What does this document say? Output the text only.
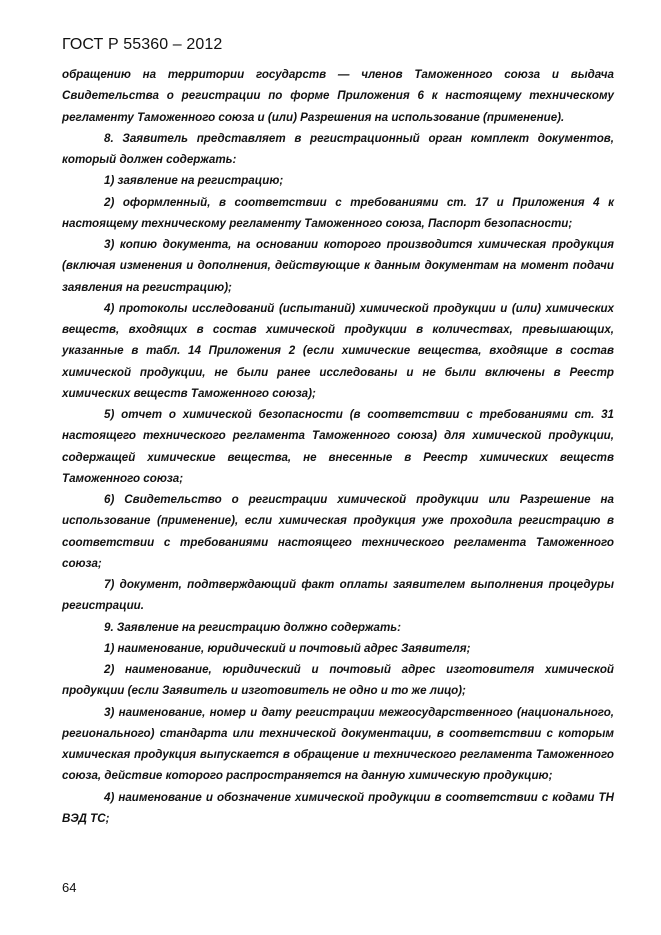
ГОСТ Р 55360 – 2012

обращению на территории государств — членов Таможенного союза и выдача Свидетельства о регистрации по форме Приложения 6 к настоящему техническому регламенту Таможенного союза и (или) Разрешения на использование (применение).

8. Заявитель представляет в регистрационный орган комплект документов, который должен содержать:

1) заявление на регистрацию;

2) оформленный, в соответствии с требованиями ст. 17 и Приложения 4 к настоящему техническому регламенту Таможенного союза, Паспорт безопасности;

3) копию документа, на основании которого производится химическая продукция (включая изменения и дополнения, действующие к данным документам на момент подачи заявления на регистрацию);

4) протоколы исследований (испытаний) химической продукции и (или) химических веществ, входящих в состав химической продукции в количествах, превышающих, указанные в табл. 14 Приложения 2 (если химические вещества, входящие в состав химической продукции, не были ранее исследованы и не были включены в Реестр химических веществ Таможенного союза);

5) отчет о химической безопасности (в соответствии с требованиями ст. 31 настоящего технического регламента Таможенного союза) для химической продукции, содержащей химические вещества, не внесенные в Реестр химических веществ Таможенного союза;

6) Свидетельство о регистрации химической продукции или Разрешение на использование (применение), если химическая продукция уже проходила регистрацию в соответствии с требованиями настоящего технического регламента Таможенного союза;

7) документ, подтверждающий факт оплаты заявителем выполнения процедуры регистрации.

9. Заявление на регистрацию должно содержать:

1) наименование, юридический и почтовый адрес Заявителя;

2) наименование, юридический и почтовый адрес изготовителя химической продукции (если Заявитель и изготовитель не одно и то же лицо);

3) наименование, номер и дату регистрации межгосударственного (национального, регионального) стандарта или технической документации, в соответствии с которым химическая продукция выпускается в обращение и технического регламента Таможенного союза, действие которого распространяется на данную химическую продукцию;

4) наименование и обозначение химической продукции в соответствии с кодами ТН ВЭД ТС;

64
